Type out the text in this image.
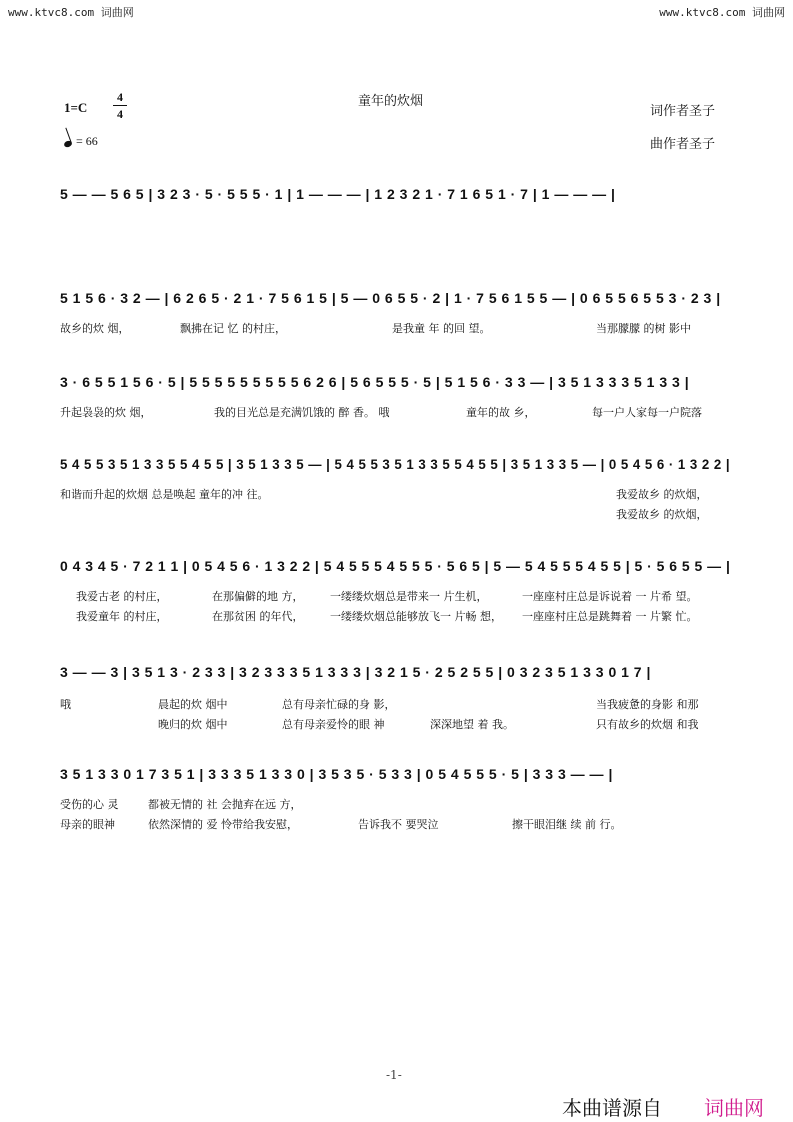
www.ktvc8.com 词曲网	www.ktvc8.com 词曲网
1=C
4
4
童年的炊烟
词作者圣子
曲作者圣子
= 66
5 — — 5 6 5 | 3 2 3 · 5 · 5 5 5 · 1 | 1 — — — | 1 2 3 2 1 · 7 1 6 5 1 · 7 | 1 — — — |
5 1 5 6 · 3 2 — | 6 2 6 5 · 2 1 · 7 5 6 1 5 | 5 — 0 6 5 5 · 2 | 1 · 7 5 6 1 5 5 — | 0 6 5 5 6 5 5 3 · 2 3 |
故乡的炊 烟，	飘拂在记 忆 的村庄，	是我童 年 的回 望。	当那朦朦 的树 影中
3 · 6 5 5 1 5 6 · 5 | 5 5 5 5 5 5 5 5 5 6 2 6 | 5 6 5 5 5 · 5 | 5 1 5 6 · 3 3 — | 3 5 1 3 3 3 5 1 3 3 |
升起袅袅的炊 烟，	我的目光总是充满饥饿的 醉 香。 哦	童年的故 乡，	每一户人家每一户院落
5 4 5 5 3 5 1 3 3 5 5 4 5 5 | 3 5 1 3 3 5 — | 5 4 5 5 3 5 1 3 3 5 5 4 5 5 | 3 5 1 3 3 5 — | 0 5 4 5 6 · 1 3 2 2 |
和谐而升起的炊烟 总是唤起 童年的冲 往。	我爱故乡 的炊烟，
我爱故乡 的炊烟，
0 4 3 4 5 · 7 2 1 1 | 0 5 4 5 6 · 1 3 2 2 | 5 4 5 5 5 4 5 5 5 · 5 6 5 | 5 — 5 4 5 5 5 4 5 5 | 5 · 5 6 5 5 — |
我爱古老 的村庄，	在那偏僻的地 方， 一缕缕炊烟总是带来一 片生机，	一座座村庄总是诉说着 一 片希 望。
我爱童年 的村庄，	在那贫困 的年代， 一缕缕炊烟总能够放飞一 片畅 想， 一座座村庄总是跳舞着 一 片繁 忙。
3 — — 3 | 3 5 1 3 · 2 3 3 | 3 2 3 3 3 5 1 3 3 3 | 3 2 1 5 · 2 5 2 5 5 | 0 3 2 3 5 1 3 3 0 1 7 |
哦	晨起的炊 烟中	总有母亲忙碌的身 影，	当我疲惫的身影 和那
晚归的炊 烟中	总有母亲爱怜的眼 神	深深地望 着 我。	只有故乡的炊烟 和我
3 5 1 3 3 0 1 7 3 5 1 | 3 3 3 5 1 3 3 0 | 3 5 3 5 · 5 3 3 | 0 5 4 5 5 5 · 5 | 3 3 3 — — |
受伤的心 灵	都被无情的 社 会抛弃在远 方，
母亲的眼神	依然深情的 爱 怜带给我安慰，	告诉我不 要哭泣	擦干眼泪继 续 前 行。
-1-
本曲谱源自 词曲网
